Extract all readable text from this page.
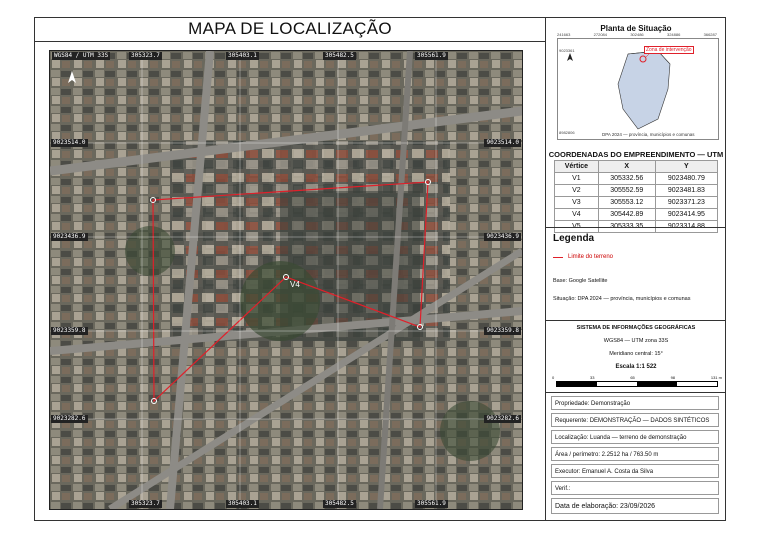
MAPA DE LOCALIZAÇÃO
V4
WGS84 / UTM 33S	305323.7	305403.1	305482.5	305561.9
305323.7	305403.1	305482.5	305561.9
9023514.0
9023436.9
9023359.8
9023282.6
9023514.0
9023436.9
9023359.8
9023282.6
Planta de Situação
Zona de intervenção
DPA 2024 — província, municípios e comunas
241663	272084	302486	324886	366287
9023361
8982806
COORDENADAS DO EMPREENDIMENTO — UTM
Vértice	X	Y
V1	305332.56	9023480.79
V2	305552.59	9023481.83
V3	305553.12	9023371.23
V4	305442.89	9023414.95
V5	305333.35	9023314.88
Legenda
Limite do terreno
Base: Google Satellite
Situação: DPA 2024 — província, municípios e comunas
SISTEMA DE INFORMAÇÕES GEOGRÁFICAS
WGS84 — UTM zona 33S
Meridiano central: 15°
Escala 1:1 522
0	33	65	98	131 m
Propriedade: Demonstração
Requerente: DEMONSTRAÇÃO — DADOS SINTÉTICOS
Localização: Luanda — terreno de demonstração
Área / perímetro: 2.2512 ha / 763.50 m
Executor: Emanuel A. Costa da Silva
Verif.:
Data de elaboração: 23/09/2026
